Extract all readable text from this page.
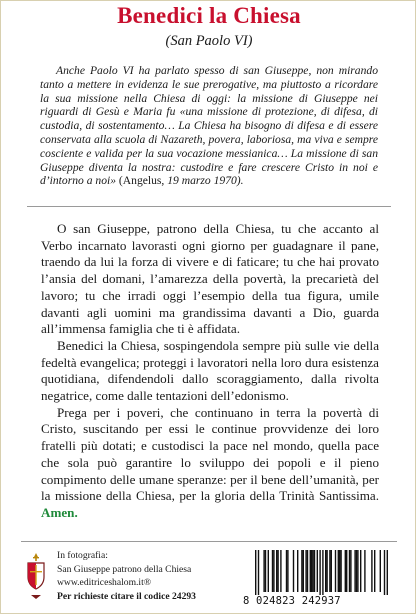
Benedici la Chiesa
(San Paolo VI)

Anche Paolo VI ha parlato spesso di san Giuseppe, non mirando tanto a mettere in evidenza le sue prerogative, ma piuttosto a ricordare la sua missione nella Chiesa di oggi: la missione di Giuseppe nei riguardi di Gesù e Maria fu «una missione di protezione, di difesa, di custodia, di sostentamento… La Chiesa ha bisogno di difesa e di essere conservata alla scuola di Nazareth, povera, laboriosa, ma viva e sempre cosciente e valida per la sua vocazione messianica… La missione di san Giuseppe diventa la nostra: custodire e fare crescere Cristo in noi e d’intorno a noi» (Angelus, 19 marzo 1970).

O san Giuseppe, patrono della Chiesa, tu che accanto al Verbo incarnato lavorasti ogni giorno per guadagnare il pane, traendo da lui la forza di vivere e di faticare; tu che hai provato l’ansia del domani, l’amarezza della povertà, la precarietà del lavoro; tu che irradi oggi l’esempio della tua figura, umile davanti agli uomini ma grandissima davanti a Dio, guarda all’immensa famiglia che ti è affidata.

Benedici la Chiesa, sospingendola sempre più sulle vie della fedeltà evangelica; proteggi i lavoratori nella loro dura esistenza quotidiana, difendendoli dallo scoraggiamento, dalla rivolta negatrice, come dalle tentazioni dell’edonismo.

Prega per i poveri, che continuano in terra la povertà di Cristo, suscitando per essi le continue provvidenze dei loro fratelli più dotati; e custodisci la pace nel mondo, quella pace che sola può garantire lo sviluppo dei popoli e il pieno compimento delle umane speranze: per il bene dell’umanità, per la missione della Chiesa, per la gloria della Trinità Santissima. Amen.

In fotografia:
San Giuseppe patrono della Chiesa
www.editriceshalom.it®
Per richieste citare il codice 24293	8 024823 242937
